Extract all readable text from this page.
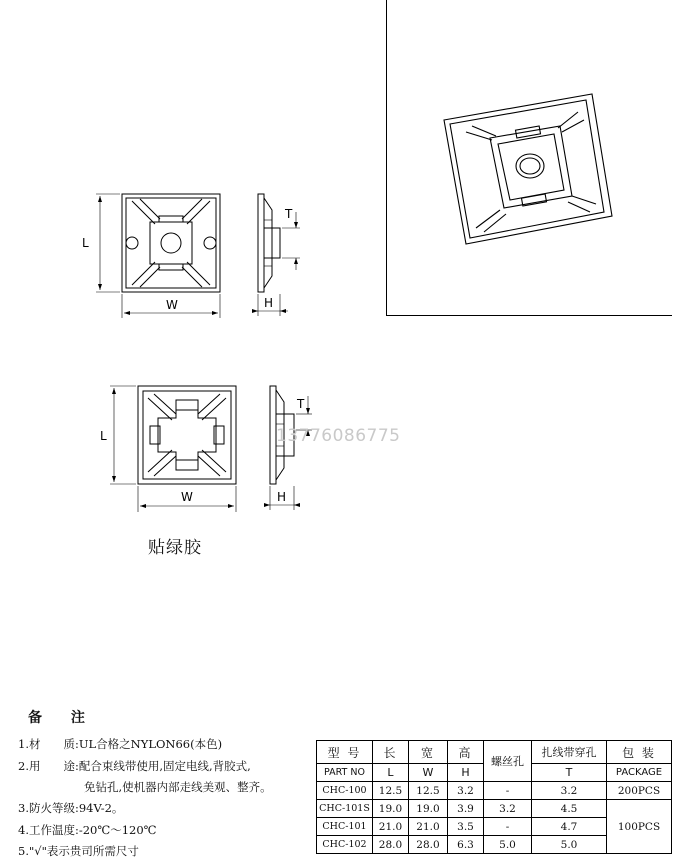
L
W
T
H
L
W
T
H
13776086775
贴绿胶
备 注
1.材　　质:UL合格之NYLON66(本色)
2.用　　途:配合束线带使用,固定电线,背胶式,
免钻孔,使机器内部走线美观、整齐。
3.防火等级:94V-2。
4.工作温度:-20℃～120℃
5."√"表示贵司所需尺寸
型 号	长	宽	高	螺丝孔	扎线带穿孔	包 装
PART NO	L	W	H		T	PACKAGE
CHC-100	12.5	12.5	3.2	-	3.2	200PCS
CHC-101S	19.0	19.0	3.9	3.2	4.5	100PCS
CHC-101	21.0	21.0	3.5	-	4.7	
CHC-102	28.0	28.0	6.3	5.0	5.0	
